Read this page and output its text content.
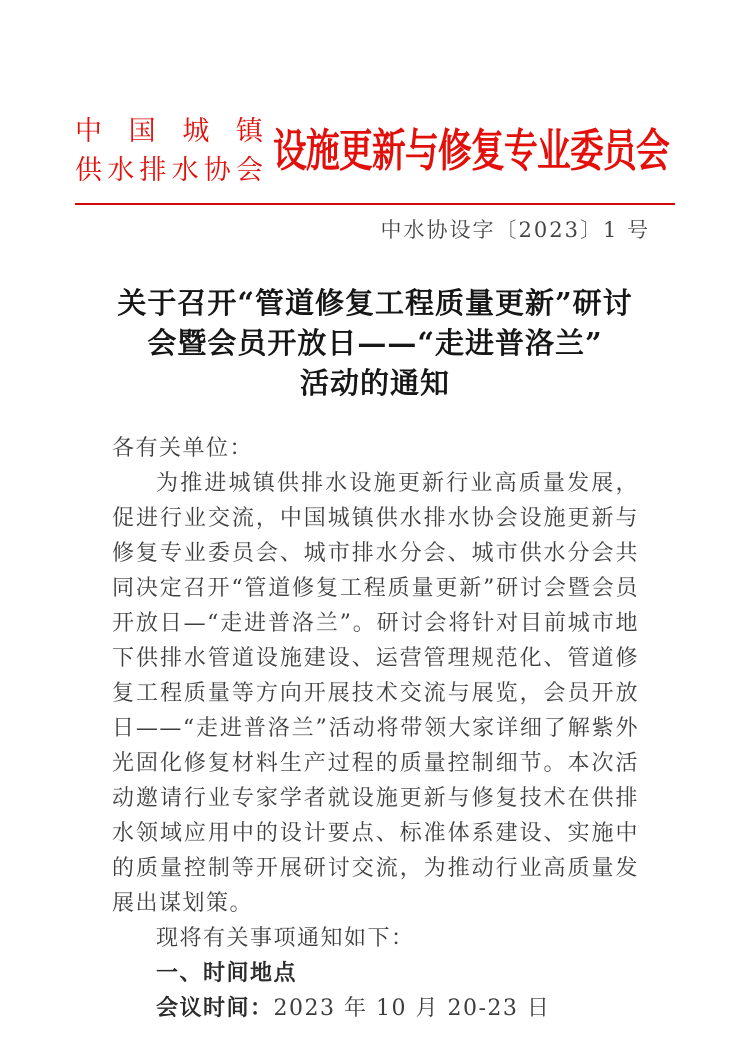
中 国 城 镇
供水排水协会 设施更新与修复专业委员会
中水协设字〔2023〕1 号
关于召开“管道修复工程质量更新”研讨
会暨会员开放日——“走进普洛兰”
活动的通知

各有关单位：

为推进城镇供排水设施更新行业高质量发展，促进行业交流，中国城镇供水排水协会设施更新与修复专业委员会、城市排水分会、城市供水分会共同决定召开“管道修复工程质量更新”研讨会暨会员开放日—“走进普洛兰”。研讨会将针对目前城市地下供排水管道设施建设、运营管理规范化、管道修复工程质量等方向开展技术交流与展览，会员开放日——“走进普洛兰”活动将带领大家详细了解紫外光固化修复材料生产过程的质量控制细节。本次活动邀请行业专家学者就设施更新与修复技术在供排水领域应用中的设计要点、标准体系建设、实施中的质量控制等开展研讨交流，为推动行业高质量发展出谋划策。

现将有关事项通知如下：

一、时间地点

会议时间：2023 年 10 月 20-23 日
